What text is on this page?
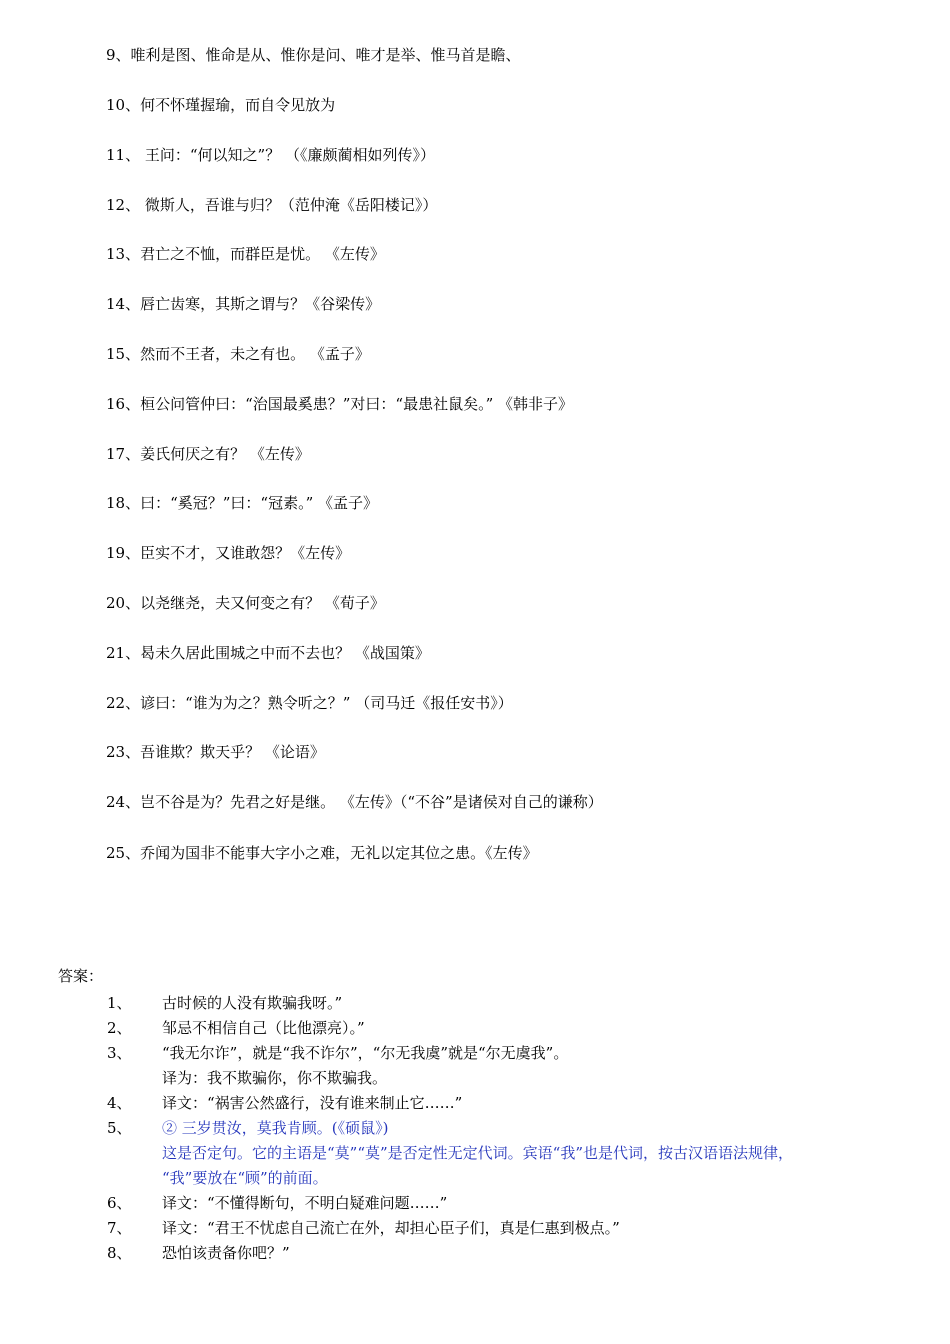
9、唯利是图、惟命是从、惟你是问、唯才是举、惟马首是瞻、
10、何不怀瑾握瑜，而自令见放为
11、 王问：“何以知之”？ （《廉颇蔺相如列传》）
12、 微斯人，吾谁与归？（范仲淹《岳阳楼记》）
13、君亡之不恤，而群臣是忧。 《左传》
14、唇亡齿寒，其斯之谓与？《谷梁传》
15、然而不王者，未之有也。 《孟子》
16、桓公问管仲曰：“治国最奚患？”对曰：“最患社鼠矣。” 《韩非子》
17、姜氏何厌之有？ 《左传》
18、曰：“奚冠？”曰：“冠素。” 《孟子》
19、臣实不才，又谁敢怨？《左传》
20、以尧继尧，夫又何变之有？ 《荀子》
21、曷未久居此围城之中而不去也？ 《战国策》
22、谚曰：“谁为为之？熟令听之？” （司马迁《报任安书》）
23、吾谁欺？欺天乎？ 《论语》
24、岂不谷是为？先君之好是继。 《左传》（“不谷”是诸侯对自己的谦称）
25、乔闻为国非不能事大字小之难，无礼以定其位之患。《左传》
答案：
1、 古时候的人没有欺骗我呀。”
2、 邹忌不相信自己（比他漂亮）。”
3、 “我无尔诈”，就是“我不诈尔”，“尔无我虞”就是“尔无虞我”。
译为：我不欺骗你，你不欺骗我。
4、 译文：“祸害公然盛行，没有谁来制止它……”
5、 ② 三岁贯汝，莫我肯顾。(《硕鼠》)
这是否定句。它的主语是“莫”“莫”是否定性无定代词。宾语“我”也是代词，按古汉语语法规律，
“我”要放在“顾”的前面。
6、 译文：“不懂得断句，不明白疑难问题……”
7、 译文：“君王不忧虑自己流亡在外，却担心臣子们，真是仁惠到极点。”
8、 恐怕该责备你吧？”
